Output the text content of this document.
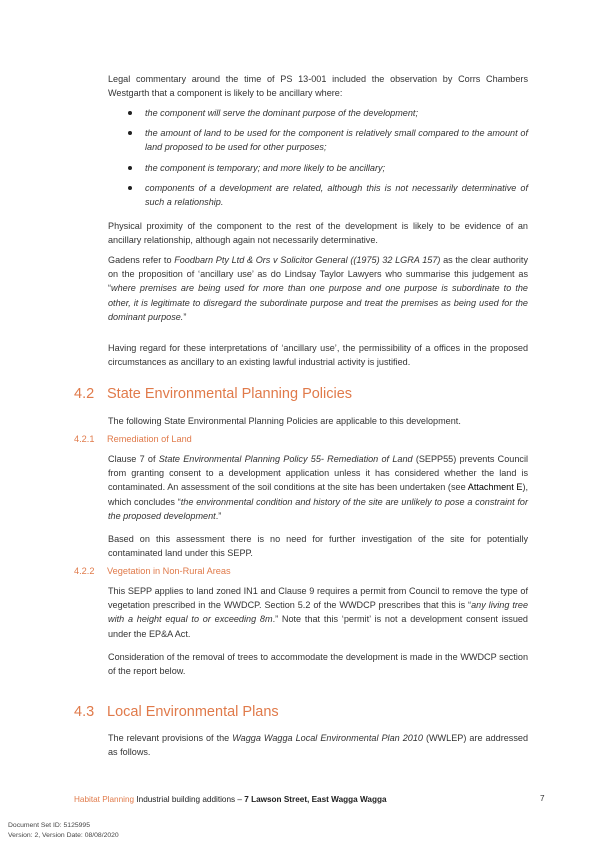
Legal commentary around the time of PS 13-001 included the observation by Corrs Chambers Westgarth that a component is likely to be ancillary where:

the component will serve the dominant purpose of the development;
the amount of land to be used for the component is relatively small compared to the amount of land proposed to be used for other purposes;
the component is temporary; and more likely to be ancillary;
components of a development are related, although this is not necessarily determinative of such a relationship.

Physical proximity of the component to the rest of the development is likely to be evidence of an ancillary relationship, although again not necessarily determinative.

Gadens refer to Foodbarn Pty Ltd & Ors v Solicitor General ((1975) 32 LGRA 157) as the clear authority on the proposition of ‘ancillary use’ as do Lindsay Taylor Lawyers who summarise this judgement as “where premises are being used for more than one purpose and one purpose is subordinate to the other, it is legitimate to disregard the subordinate purpose and treat the premises as being used for the dominant purpose.”

Having regard for these interpretations of ‘ancillary use’, the permissibility of a offices in the proposed circumstances as ancillary to an existing lawful industrial activity is justified.

4.2 State Environmental Planning Policies

The following State Environmental Planning Policies are applicable to this development.

4.2.1 Remediation of Land

Clause 7 of State Environmental Planning Policy 55- Remediation of Land (SEPP55) prevents Council from granting consent to a development application unless it has considered whether the land is contaminated. An assessment of the soil conditions at the site has been undertaken (see Attachment E), which concludes “the environmental condition and history of the site are unlikely to pose a constraint for the proposed development.”

Based on this assessment there is no need for further investigation of the site for potentially contaminated land under this SEPP.

4.2.2 Vegetation in Non-Rural Areas

This SEPP applies to land zoned IN1 and Clause 9 requires a permit from Council to remove the type of vegetation prescribed in the WWDCP. Section 5.2 of the WWDCP prescribes that this is “any living tree with a height equal to or exceeding 8m.” Note that this ‘permit’ is not a development consent issued under the EP&A Act.

Consideration of the removal of trees to accommodate the development is made in the WWDCP section of the report below.

4.3 Local Environmental Plans

The relevant provisions of the Wagga Wagga Local Environmental Plan 2010 (WWLEP) are addressed as follows.

Habitat Planning Industrial building additions – 7 Lawson Street, East Wagga Wagga	7
Document Set ID: 5125995
Version: 2, Version Date: 08/08/2020
